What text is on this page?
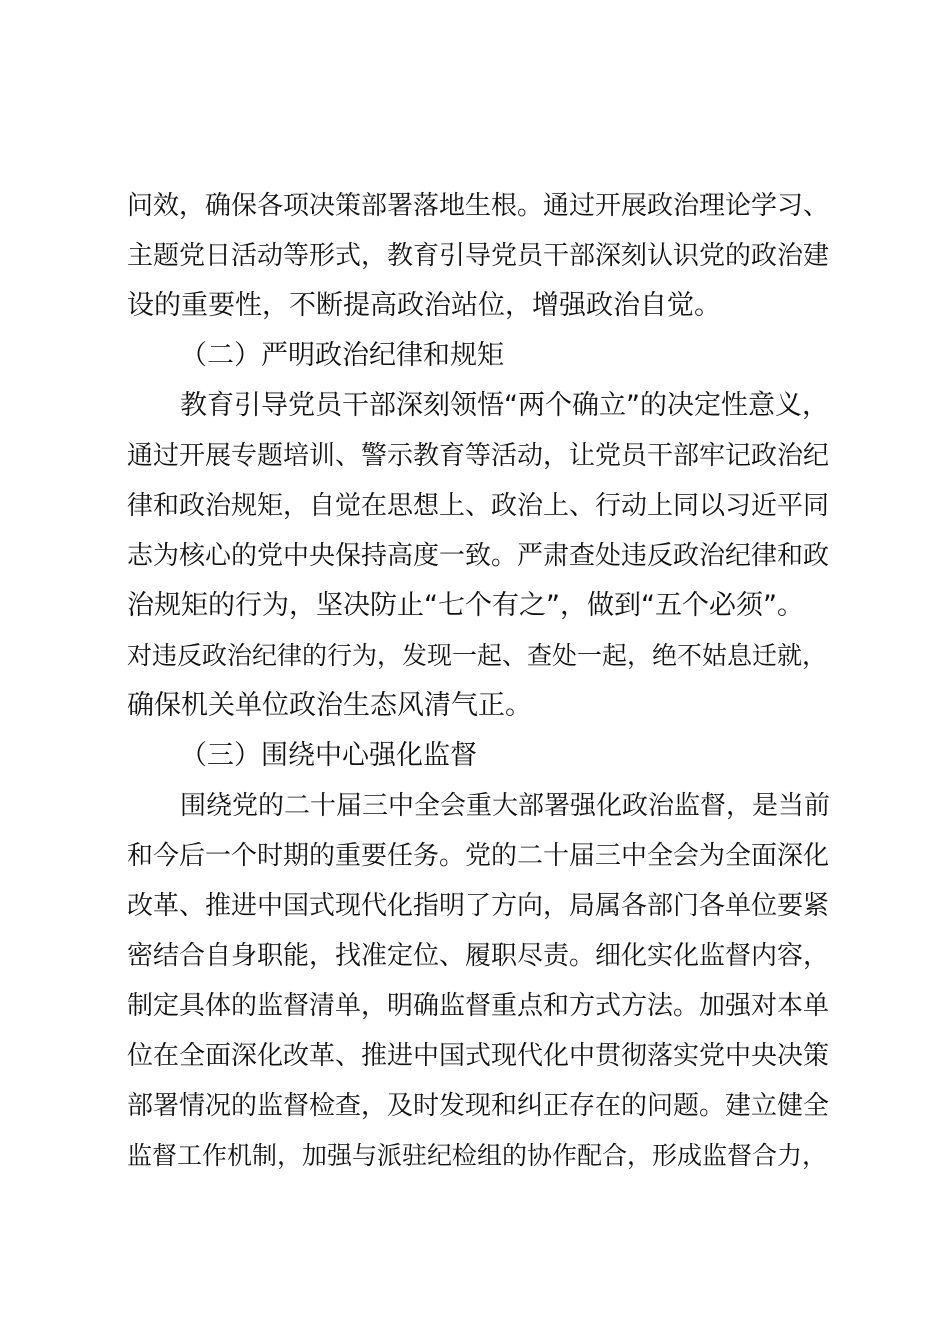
问效，确保各项决策部署落地生根。通过开展政治理论学习、
主题党日活动等形式，教育引导党员干部深刻认识党的政治建
设的重要性，不断提高政治站位，增强政治自觉。
（二）严明政治纪律和规矩
教育引导党员干部深刻领悟“两个确立”的决定性意义，
通过开展专题培训、警示教育等活动，让党员干部牢记政治纪
律和政治规矩，自觉在思想上、政治上、行动上同以习近平同
志为核心的党中央保持高度一致。严肃查处违反政治纪律和政
治规矩的行为，坚决防止“七个有之”，做到“五个必须”。
对违反政治纪律的行为，发现一起、查处一起，绝不姑息迁就，
确保机关单位政治生态风清气正。
（三）围绕中心强化监督
围绕党的二十届三中全会重大部署强化政治监督，是当前
和今后一个时期的重要任务。党的二十届三中全会为全面深化
改革、推进中国式现代化指明了方向，局属各部门各单位要紧
密结合自身职能，找准定位、履职尽责。细化实化监督内容，
制定具体的监督清单，明确监督重点和方式方法。加强对本单
位在全面深化改革、推进中国式现代化中贯彻落实党中央决策
部署情况的监督检查，及时发现和纠正存在的问题。建立健全
监督工作机制，加强与派驻纪检组的协作配合，形成监督合力，
